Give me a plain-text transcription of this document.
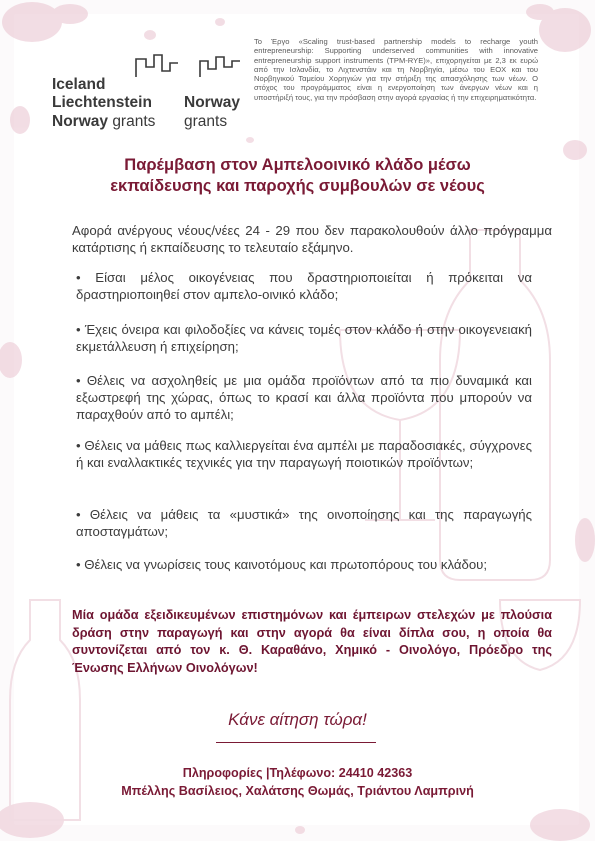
Iceland
Liechtenstein Norway
Norway grants grants
Το Έργο «Scaling trust-based partnership models to recharge youth entrepreneurship: Supporting underserved communities with innovative entrepreneurship support instruments (TPM-RYE)», επιχορηγείται με 2,3 εκ ευρώ από την Ισλανδία, το Λιχτενστάιν και τη Νορβηγία, μέσω του ΕΟΧ και του Νορβηγικού Ταμείου Χορηγιών για την στήριξη της απασχόλησης των νέων. Ο στόχος του προγράμματος είναι η ενεργοποίηση των άνεργων νέων και η υποστήριξή τους, για την πρόσβαση στην αγορά εργασίας ή την επιχειρηματικότητα.
Παρέμβαση στον Αμπελοοινικό κλάδο μέσω
εκπαίδευσης και παροχής συμβουλών σε νέους
Αφορά ανέργους νέους/νέες 24 - 29 που δεν παρακολουθούν άλλο πρόγραμμα κατάρτισης ή εκπαίδευσης το τελευταίο εξάμηνο.
• Είσαι μέλος οικογένειας που δραστηριοποιείται ή πρόκειται να δραστηριοποιηθεί στον αμπελο-οινικό κλάδο;
• Έχεις όνειρα και φιλοδοξίες να κάνεις τομές στον κλάδο ή στην οικογενειακή εκμετάλλευση ή επιχείρηση;
• Θέλεις να ασχοληθείς με μια ομάδα προϊόντων από τα πιο δυναμικά και εξωστρεφή της χώρας, όπως το κρασί και άλλα προϊόντα που μπορούν να παραχθούν από το αμπέλι;
• Θέλεις να μάθεις πως καλλιεργείται ένα αμπέλι με παραδοσιακές, σύγχρονες ή και εναλλακτικές τεχνικές για την παραγωγή ποιοτικών προϊόντων;
• Θέλεις να μάθεις τα «μυστικά» της οινοποίησης και της παραγωγής αποσταγμάτων;
• Θέλεις να γνωρίσεις τους καινοτόμους και πρωτοπόρους του κλάδου;
Μία ομάδα εξειδικευμένων επιστημόνων και έμπειρων στελεχών με πλούσια δράση στην παραγωγή και στην αγορά θα είναι δίπλα σου, η οποία θα συντονίζεται από τον κ. Θ. Καραθάνο, Χημικό - Οινολόγο, Πρόεδρο της Ένωσης Ελλήνων Οινολόγων!
Κάνε αίτηση τώρα!
Πληροφορίες |Τηλέφωνο: 24410 42363
Μπέλλης Βασίλειος, Χαλάτσης Θωμάς, Τριάντου Λαμπρινή
